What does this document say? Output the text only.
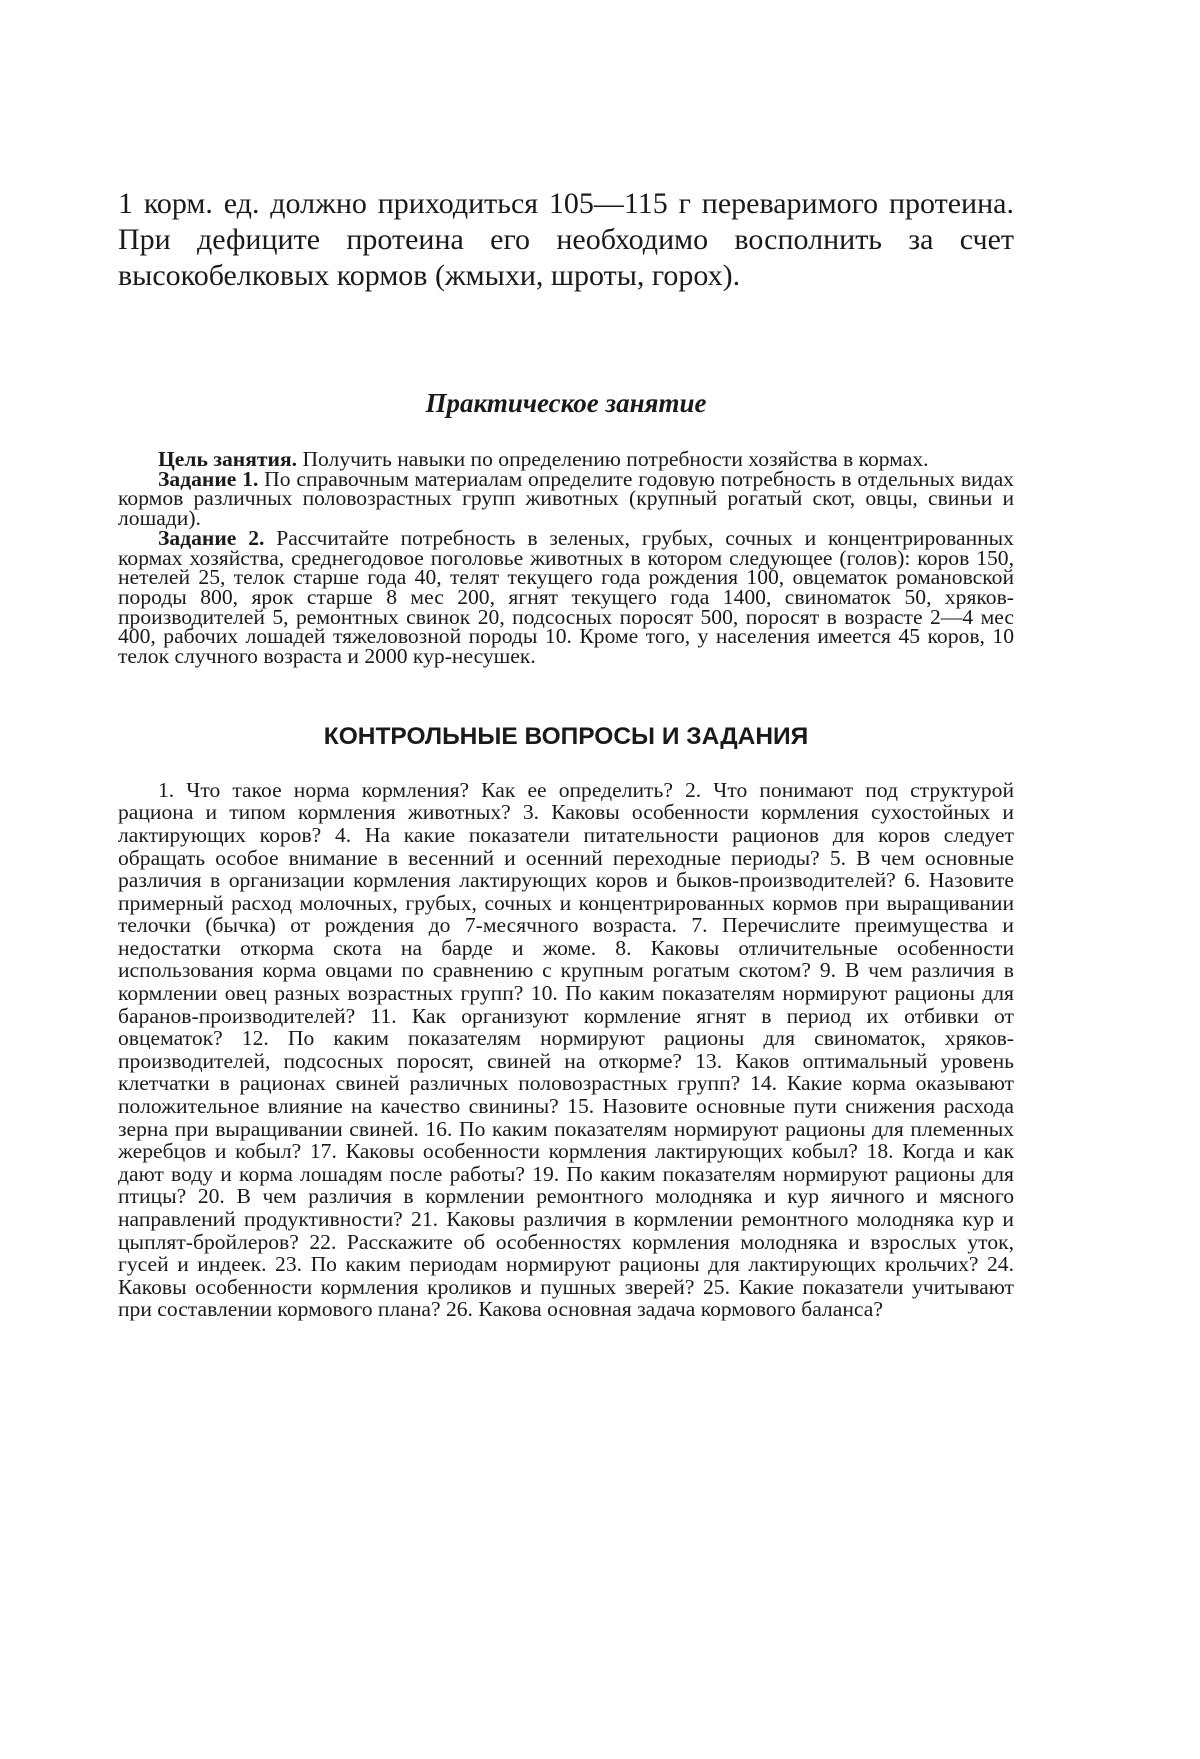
1 корм. ед. должно приходиться 105—115 г переваримого протеина. При дефиците протеина его необходимо восполнить за счет высокобелковых кормов (жмыхи, шроты, горох).

Практическое занятие

Цель занятия. Получить навыки по определению потребности хозяйства в кормах.

Задание 1. По справочным материалам определите годовую потребность в отдельных видах кормов различных половозрастных групп животных (крупный рогатый скот, овцы, свиньи и лошади).

Задание 2. Рассчитайте потребность в зеленых, грубых, сочных и концентрированных кормах хозяйства, среднегодовое поголовье животных в котором следующее (голов): коров 150, нетелей 25, телок старше года 40, телят текущего года рождения 100, овцематок романовской породы 800, ярок старше 8 мес 200, ягнят текущего года 1400, свиноматок 50, хряков-производителей 5, ремонтных свинок 20, подсосных поросят 500, поросят в возрасте 2—4 мес 400, рабочих лошадей тяжеловозной породы 10. Кроме того, у населения имеется 45 коров, 10 телок случного возраста и 2000 кур-несушек.

КОНТРОЛЬНЫЕ ВОПРОСЫ И ЗАДАНИЯ

1. Что такое норма кормления? Как ее определить? 2. Что понимают под структурой рациона и типом кормления животных? 3. Каковы особенности кормления сухостойных и лактирующих коров? 4. На какие показатели питательности рационов для коров следует обращать особое внимание в весенний и осенний переходные периоды? 5. В чем основные различия в организации кормления лактирующих коров и быков-производителей? 6. Назовите примерный расход молочных, грубых, сочных и концентрированных кормов при выращивании телочки (бычка) от рождения до 7-месячного возраста. 7. Перечислите преимущества и недостатки откорма скота на барде и жоме. 8. Каковы отличительные особенности использования корма овцами по сравнению с крупным рогатым скотом? 9. В чем различия в кормлении овец разных возрастных групп? 10. По каким показателям нормируют рационы для баранов-производителей? 11. Как организуют кормление ягнят в период их отбивки от овцематок? 12. По каким показателям нормируют рационы для свиноматок, хряков-производителей, подсосных поросят, свиней на откорме? 13. Каков оптимальный уровень клетчатки в рационах свиней различных половозрастных групп? 14. Какие корма оказывают положительное влияние на качество свинины? 15. Назовите основные пути снижения расхода зерна при выращивании свиней. 16. По каким показателям нормируют рационы для племенных жеребцов и кобыл? 17. Каковы особенности кормления лактирующих кобыл? 18. Когда и как дают воду и корма лошадям после работы? 19. По каким показателям нормируют рационы для птицы? 20. В чем различия в кормлении ремонтного молодняка и кур яичного и мясного направлений продуктивности? 21. Каковы различия в кормлении ремонтного молодняка кур и цыплят-бройлеров? 22. Расскажите об особенностях кормления молодняка и взрослых уток, гусей и индеек. 23. По каким периодам нормируют рационы для лактирующих крольчих? 24. Каковы особенности кормления кроликов и пушных зверей? 25. Какие показатели учитывают при составлении кормового плана? 26. Какова основная задача кормового баланса?
